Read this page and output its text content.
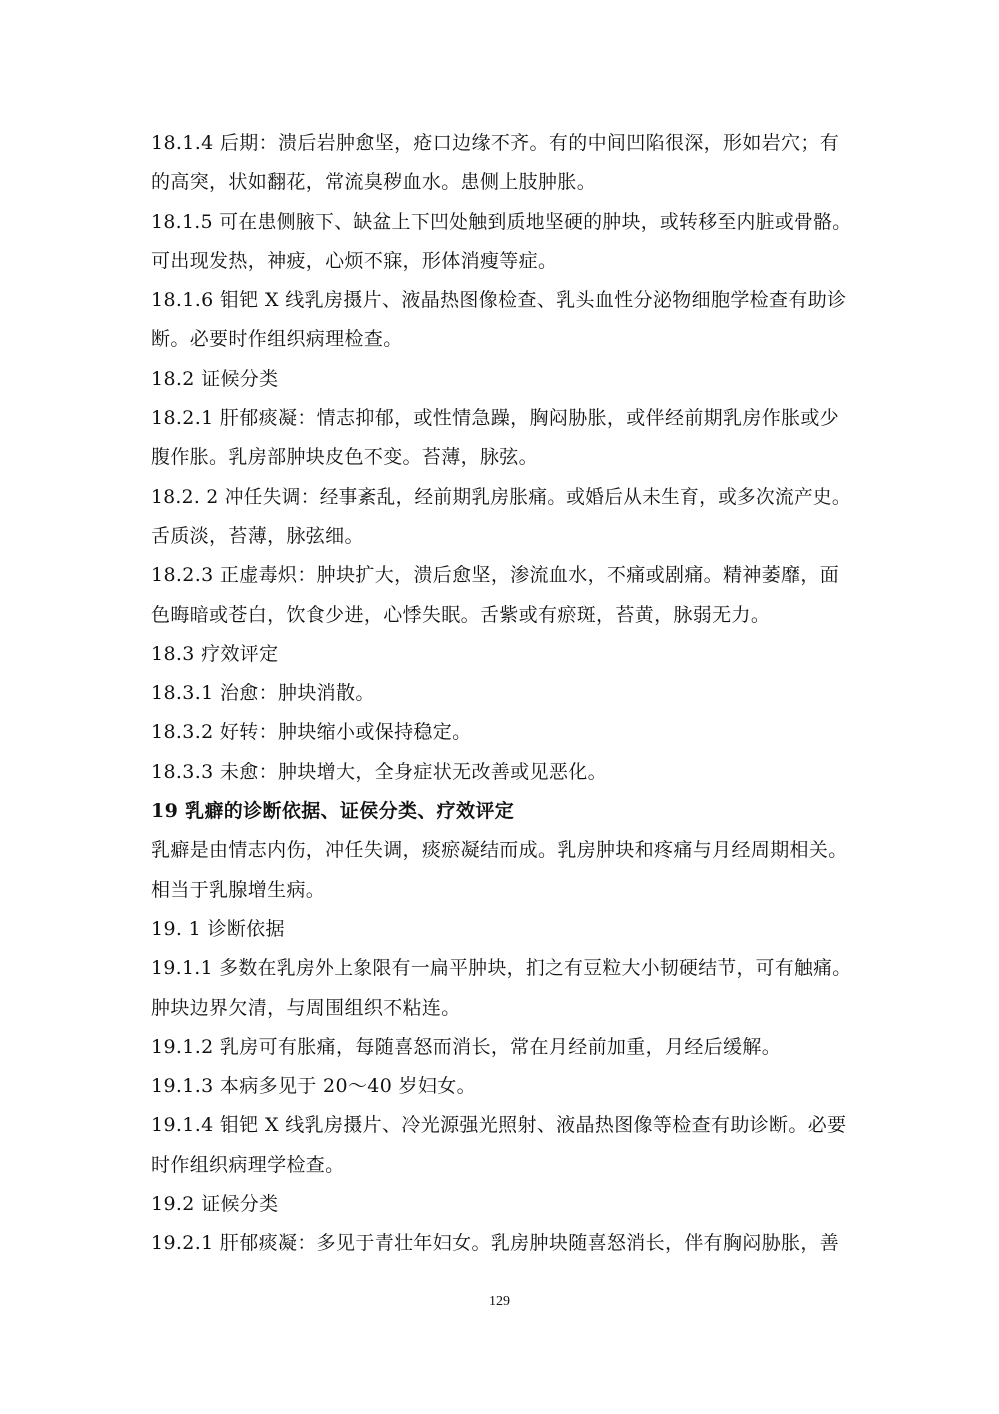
18.1.4 后期：溃后岩肿愈坚，疮口边缘不齐。有的中间凹陷很深，形如岩穴；有
的高突，状如翻花，常流臭秽血水。患侧上肢肿胀。
18.1.5 可在患侧腋下、缺盆上下凹处触到质地坚硬的肿块，或转移至内脏或骨骼。
可出现发热，神疲，心烦不寐，形体消瘦等症。
18.1.6 钼钯 X 线乳房摄片、液晶热图像检查、乳头血性分泌物细胞学检查有助诊
断。必要时作组织病理检查。
18.2 证候分类
18.2.1 肝郁痰凝：情志抑郁，或性情急躁，胸闷胁胀，或伴经前期乳房作胀或少
腹作胀。乳房部肿块皮色不变。苔薄，脉弦。
18.2. 2 冲任失调：经事紊乱，经前期乳房胀痛。或婚后从未生育，或多次流产史。
舌质淡，苔薄，脉弦细。
18.2.3 正虚毒炽：肿块扩大，溃后愈坚，渗流血水，不痛或剧痛。精神萎靡，面
色晦暗或苍白，饮食少进，心悸失眠。舌紫或有瘀斑，苔黄，脉弱无力。
18.3 疗效评定
18.3.1 治愈：肿块消散。
18.3.2 好转：肿块缩小或保持稳定。
18.3.3 未愈：肿块增大，全身症状无改善或见恶化。
19 乳癖的诊断依据、证侯分类、疗效评定
乳癖是由情志内伤，冲任失调，痰瘀凝结而成。乳房肿块和疼痛与月经周期相关。
相当于乳腺增生病。
19. 1 诊断依据
19.1.1 多数在乳房外上象限有一扁平肿块，扪之有豆粒大小韧硬结节，可有触痛。
肿块边界欠清，与周围组织不粘连。
19.1.2 乳房可有胀痛，每随喜怒而消长，常在月经前加重，月经后缓解。
19.1.3 本病多见于 20～40 岁妇女。
19.1.4 钼钯 X 线乳房摄片、冷光源强光照射、液晶热图像等检查有助诊断。必要
时作组织病理学检查。
19.2 证候分类
19.2.1 肝郁痰凝：多见于青壮年妇女。乳房肿块随喜怒消长，伴有胸闷胁胀，善
129
